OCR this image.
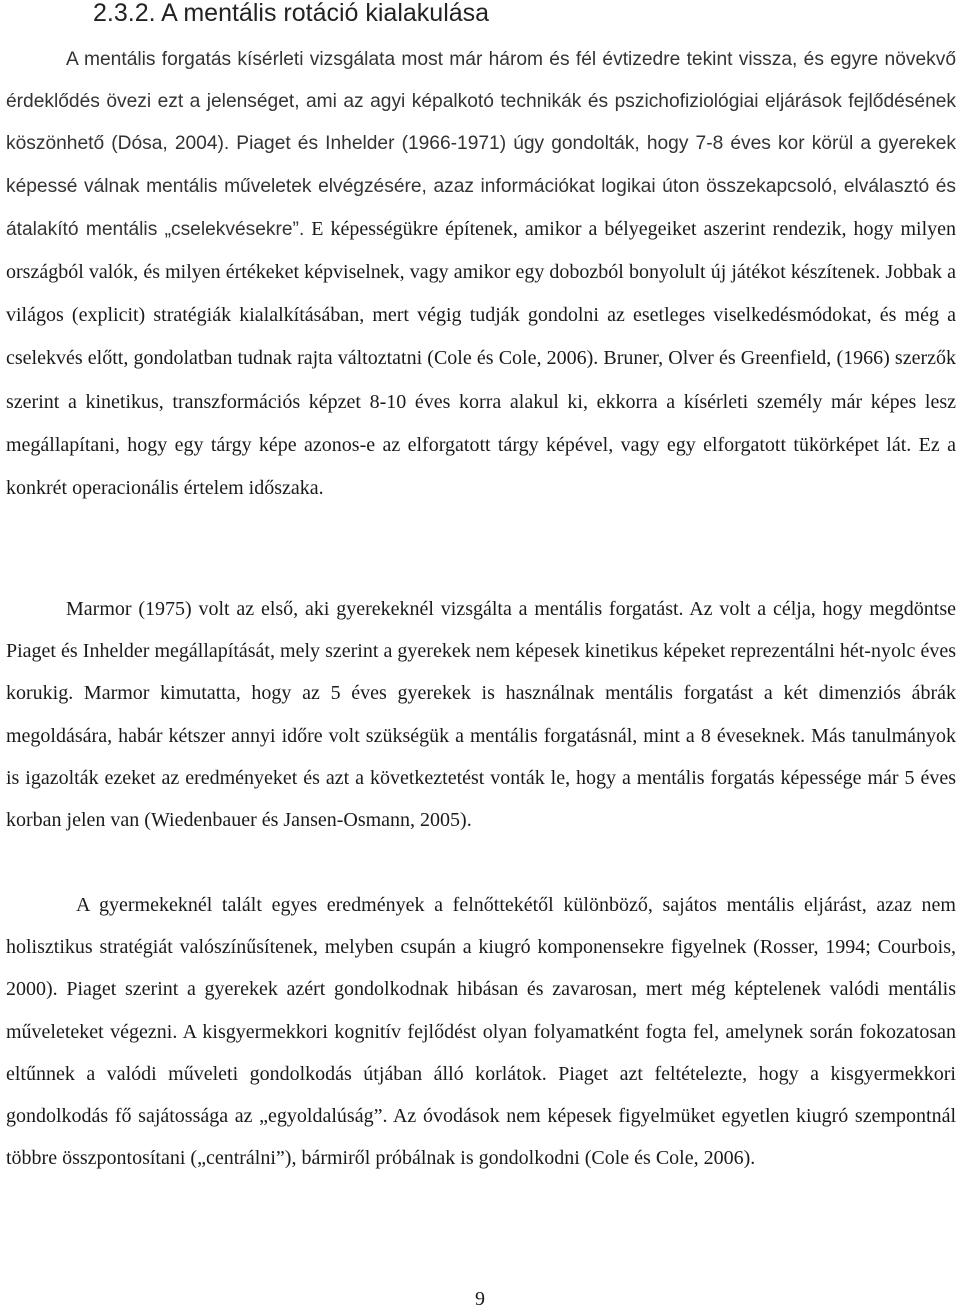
2.3.2. A mentális rotáció kialakulása

A mentális forgatás kísérleti vizsgálata most már három és fél évtizedre tekint vissza, és egyre növekvő érdeklődés övezi ezt a jelenséget, ami az agyi képalkotó technikák és pszichofiziológiai eljárások fejlődésének köszönhető (Dósa, 2004). Piaget és Inhelder (1966-1971) úgy gondolták, hogy 7-8 éves kor körül a gyerekek képessé válnak mentális műveletek elvégzésére, azaz információkat logikai úton összekapcsoló, elválasztó és átalakító mentális „cselekvésekre”. E képességükre építenek, amikor a bélyegeiket aszerint rendezik, hogy milyen országból valók, és milyen értékeket képviselnek, vagy amikor egy dobozból bonyolult új játékot készítenek. Jobbak a világos (explicit) stratégiák kialalkításában, mert végig tudják gondolni az esetleges viselkedésmódokat, és még a cselekvés előtt, gondolatban tudnak rajta változtatni (Cole és Cole, 2006). Bruner, Olver és Greenfield, (1966) szerzők szerint a kinetikus, transzformációs képzet 8-10 éves korra alakul ki, ekkorra a kísérleti személy már képes lesz megállapítani, hogy egy tárgy képe azonos-e az elforgatott tárgy képével, vagy egy elforgatott tükörképet lát. Ez a konkrét operacionális értelem időszaka.

Marmor (1975) volt az első, aki gyerekeknél vizsgálta a mentális forgatást. Az volt a célja, hogy megdöntse Piaget és Inhelder megállapítását, mely szerint a gyerekek nem képesek kinetikus képeket reprezentálni hét-nyolc éves korukig. Marmor kimutatta, hogy az 5 éves gyerekek is használnak mentális forgatást a két dimenziós ábrák megoldására, habár kétszer annyi időre volt szükségük a mentális forgatásnál, mint a 8 éveseknek. Más tanulmányok is igazolták ezeket az eredményeket és azt a következtetést vonták le, hogy a mentális forgatás képessége már 5 éves korban jelen van (Wiedenbauer és Jansen-Osmann, 2005).

A gyermekeknél talált egyes eredmények a felnőttekétől különböző, sajátos mentális eljárást, azaz nem holisztikus stratégiát valószínűsítenek, melyben csupán a kiugró komponensekre figyelnek (Rosser, 1994; Courbois, 2000). Piaget szerint a gyerekek azért gondolkodnak hibásan és zavarosan, mert még képtelenek valódi mentális műveleteket végezni. A kisgyermekkori kognitív fejlődést olyan folyamatként fogta fel, amelynek során fokozatosan eltűnnek a valódi műveleti gondolkodás útjában álló korlátok. Piaget azt feltételezte, hogy a kisgyermekkori gondolkodás fő sajátossága az „egyoldalúság”. Az óvodások nem képesek figyelmüket egyetlen kiugró szempontnál többre összpontosítani („centrálni”), bármiről próbálnak is gondolkodni (Cole és Cole, 2006).

9
